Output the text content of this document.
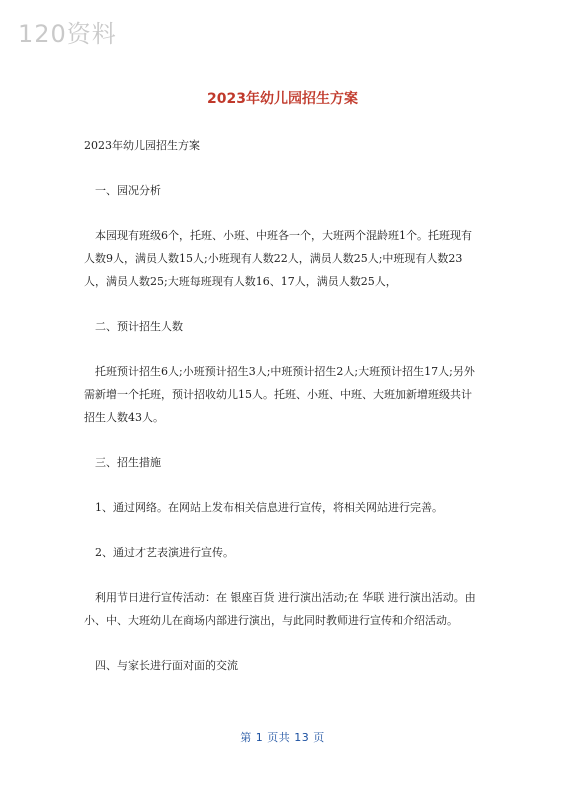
120资料
2023年幼儿园招生方案

2023年幼儿园招生方案

一、园况分析

本园现有班级6个，托班、小班、中班各一个，大班两个混龄班1个。托班现有人数9人，满员人数15人;小班现有人数22人，满员人数25人;中班现有人数23人，满员人数25;大班每班现有人数16、17人，满员人数25人，

二、预计招生人数

托班预计招生6人;小班预计招生3人;中班预计招生2人;大班预计招生17人;另外需新增一个托班，预计招收幼儿15人。托班、小班、中班、大班加新增班级共计招生人数43人。

三、招生措施

1、通过网络。在网站上发布相关信息进行宣传，将相关网站进行完善。

2、通过才艺表演进行宣传。

利用节日进行宣传活动：在 银座百货 进行演出活动;在 华联 进行演出活动。由小、中、大班幼儿在商场内部进行演出，与此同时教师进行宣传和介绍活动。

四、与家长进行面对面的交流

第 1 页共 13 页
